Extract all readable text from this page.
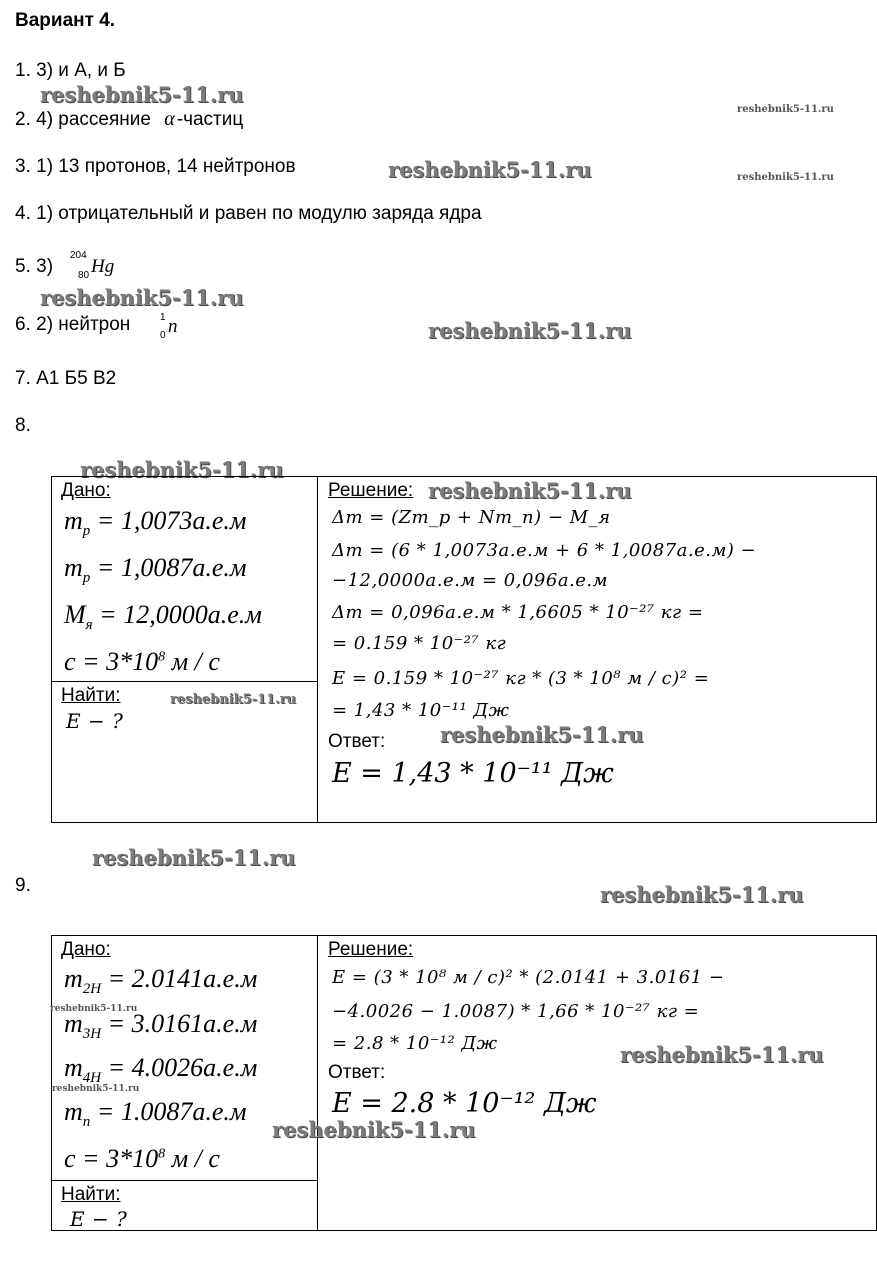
Вариант 4.
1. 3) и А, и Б
2. 4) рассеяние α -частиц
3. 1) 13 протонов, 14 нейтронов
4. 1) отрицательный и равен по модулю заряда ядра
5. 3)
204
80 Hg
6. 2) нейтрон	1
0 n
7. А1 Б5 В2
8.
reshebnik5-11.ru
reshebnik5-11.ru
reshebnik5-11.ru	reshebnik5-11.ru
reshebnik5-11.ru
reshebnik5-11.ru
reshebnik5-11.ru
Дано:
$m_p = 1,0073а.е.м$
$m_p = 1,0087а.е.м$
$M_я = 12,0000а.е.м$
$c = 3*10^8$ м / с
Найти:
E − ?
reshebnik5-11.ru
Решение: reshebnik5-11.ru
Δm = (Zm_p + Nm_n) − M_я
Δm = (6 * 1,0073а.е.м + 6 * 1,0087а.е.м) −
−12,0000а.е.м = 0,096а.е.м
Δm = 0,096а.е.м * 1,6605 * 10⁻²⁷ кг =
= 0.159 * 10⁻²⁷ кг
E = 0.159 * 10⁻²⁷ кг * (3 * 10⁸ м / с)² =
= 1,43 * 10⁻¹¹ Дж
Ответ:	reshebnik5-11.ru
E = 1,43 * 10⁻¹¹ Дж
reshebnik5-11.ru
9.	reshebnik5-11.ru
Дано:
$m_{2H} = 2.0141а.е.м$
$m_{3H} = 3.0161а.е.м$
$m_{4H} = 4.0026а.е.м$
$m_n = 1.0087а.е.м$
$c = 3*10^8$ м / с
reshebnik5-11.ru
reshebnik5-11.ru
reshebnik5-11.ru
Найти:
E − ?
Решение:
E = (3 * 10⁸ м / с)² * (2.0141 + 3.0161 −
−4.0026 − 1.0087) * 1,66 * 10⁻²⁷ кг =
= 2.8 * 10⁻¹² Дж	reshebnik5-11.ru
Ответ:
E = 2.8 * 10⁻¹² Дж
